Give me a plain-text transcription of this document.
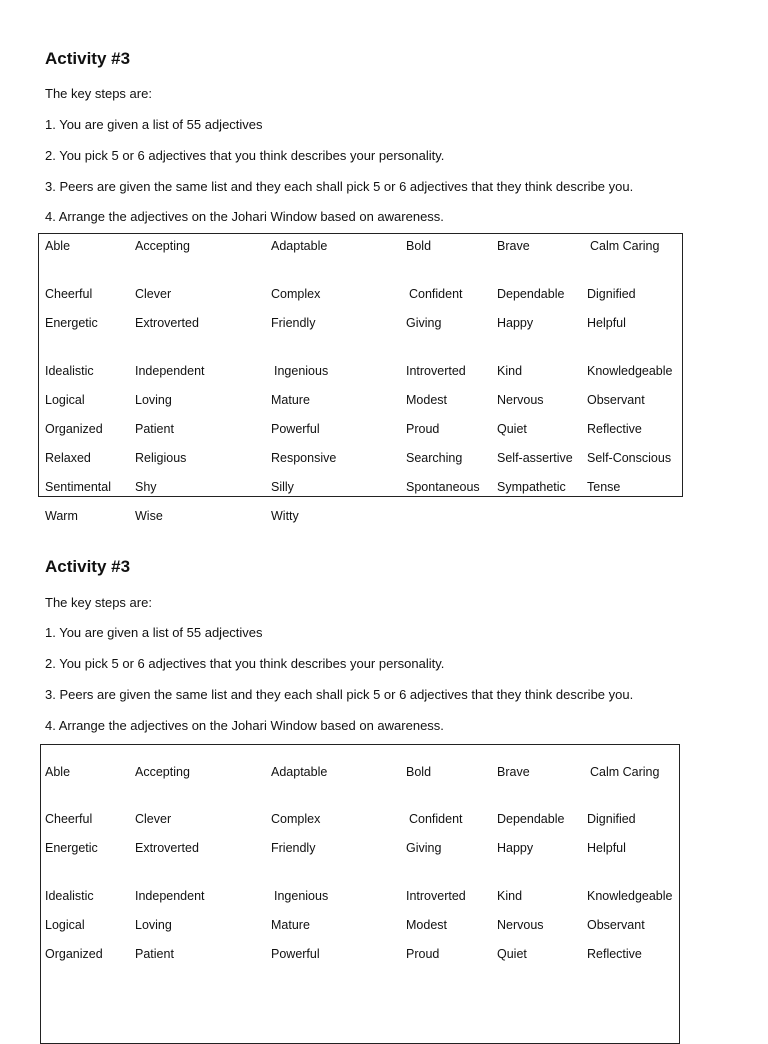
Activity #3
The key steps are:
1. You are given a list of 55 adjectives
2. You pick 5 or 6 adjectives that you think describes your personality.
3. Peers are given the same list and they each shall pick 5 or 6 adjectives that they think describe you.
4. Arrange the adjectives on the Johari Window based on awareness.
Able	Accepting	Adaptable	Bold	Brave	Calm Caring
Cheerful	Clever	Complex	Confident	Dependable Dignified
Energetic	Extroverted	Friendly	Giving	Happy	Helpful
Idealistic	Independent	Ingenious	Introverted Kind	Knowledgeable
Logical	Loving	Mature	Modest	Nervous	Observant
Organized	Patient	Powerful	Proud	Quiet	Reflective
Relaxed	Religious	Responsive	Searching	Self-assertive Self-Conscious
Sentimental Shy	Silly	Spontaneous Sympathetic Tense
Warm	Wise	Witty
Activity #3
The key steps are:
1. You are given a list of 55 adjectives
2. You pick 5 or 6 adjectives that you think describes your personality.
3. Peers are given the same list and they each shall pick 5 or 6 adjectives that they think describe you.
4. Arrange the adjectives on the Johari Window based on awareness.
Able	Accepting	Adaptable	Bold	Brave	Calm Caring
Cheerful	Clever	Complex	Confident	Dependable Dignified
Energetic	Extroverted	Friendly	Giving	Happy	Helpful
Idealistic	Independent	Ingenious	Introverted Kind	Knowledgeable
Logical	Loving	Mature	Modest	Nervous	Observant
Organized	Patient	Powerful	Proud	Quiet	Reflective
